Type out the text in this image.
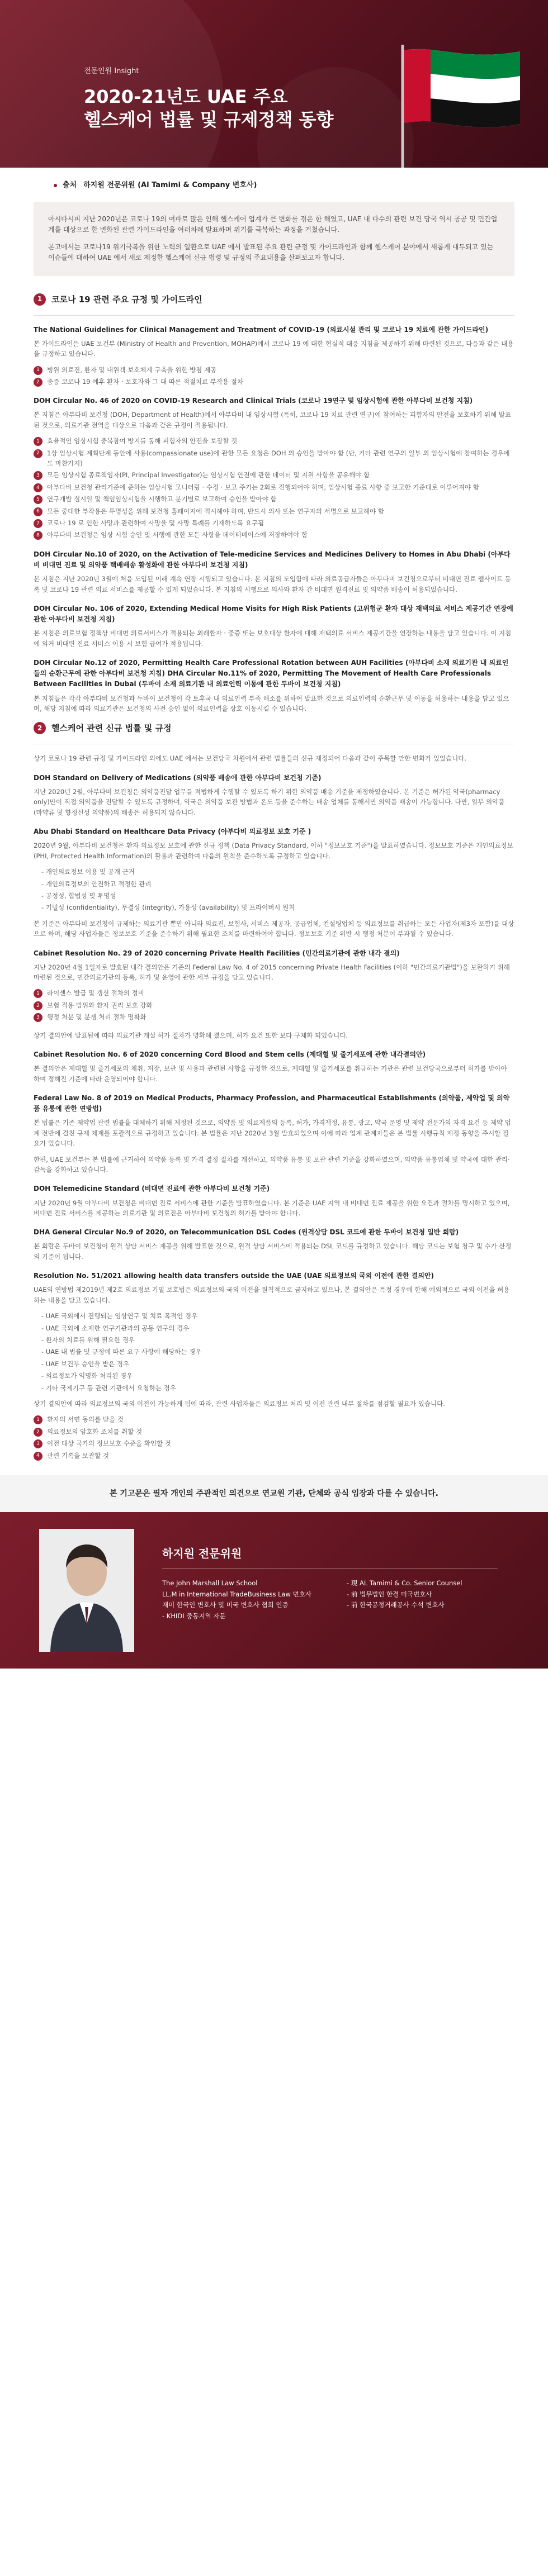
전문인원 Insight
2020-21년도 UAE 주요
헬스케어 법률 및 규제정책 동향
출처 하지원 전문위원 (Al Tamimi & Company 변호사)

아시다시피 지난 2020년은 코로나 19의 여파로 많은 인해 헬스케어 업계가 큰 변화를 겪은 한 해였고, UAE 내 다수의 관련 보건 당국 역시 공공 및 민간업계를 대상으로 한 변화된 관련 가이드라인을 여러차례 발표하며 위기를 극복하는 과정을 거쳤습니다.

본고에서는 코로나19 위기극복을 위한 노력의 일환으로 UAE 에서 발표된 주요 관련 규정 및 가이드라인과 함께 헬스케어 분야에서 새롭게 대두되고 있는 이슈들에 대하여 UAE 에서 새로 제정한 헬스케어 신규 법령 및 규정의 주요내용을 살펴보고자 합니다.

1	코로나 19 관련 주요 규정 및 가이드라인
The National Guidelines for Clinical Management and Treatment of COVID-19 (의료시설 관리 및 코로나 19 치료에 관한 가이드라인)

본 가이드라인은 UAE 보건부 (Ministry of Health and Prevention, MOHAP)에서 코로나 19 에 대한 현실적 대응 지침을 제공하기 위해 마련된 것으로, 다음과 같은 내용을 규정하고 있습니다.

1	병원 의료진, 환자 및 내원객 보호체계 구축을 위한 방침 제공
2	중증 코로나 19 예후 환자 · 보호자와 그 대 따른 적절치료 부작용 절차
DOH Circular No. 46 of 2020 on COVID-19 Research and Clinical Trials (코로나 19연구 및 임상시험에 관한 아부다비 보건청 지침)

본 지침은 아부다비 보건청 (DOH, Department of Health)에서 아부다비 내 임상시험 (특히, 코로나 19 치료 관련 연구)에 참여하는 피험자의 안전을 보호하기 위해 발표된 것으로, 의료기관 전역을 대상으로 다음과 같은 규정이 적용됩니다.

1	효율적인 임상시험 중복참여 방지를 통해 피험자의 안전을 보장할 것
2	1상 임상시험 계획단계 동안에 사용(compassionate use)에 관한 모든 요청은 DOH 의 승인을 받아야 함 (단, 기타 관련 연구의 일부 외 임상시험에 참여하는 경우에도 마찬가지)
3	모든 임상시험 종료책임자(PI, Principal Investigator)는 임상시험 안전에 관한 데이터 및 지원 사항을 공유해야 함
4	아부다비 보건청 관리기준에 준하는 임상시험 모니터링 · 수정 · 보고 주기는 2회로 진행되어야 하며, 임상시험 종료 사항 중 보고한 기준대로 이루어져야 함
5	연구개발 실시일 및 책임임상시험을 시행하고 분기별로 보고하여 승인을 받아야 함
6	모든 중대한 부작용은 투명성을 위해 보건청 홈페이지에 적시해야 하며, 반드시 의사 또는 연구자의 서명으로 보고해야 함
7	코로나 19 로 인한 사망과 관련하여 사망율 및 사망 특례를 기재하도록 요구됨
8	아부다비 보건청은 임상 시험 승인 및 시행에 관한 모든 사항을 데이터베이스에 저장하여야 함
DOH Circular No.10 of 2020, on the Activation of Tele-medicine Services and Medicines Delivery to Homes in Abu Dhabi (아부다비 비대면 진료 및 의약품 택배배송 활성화에 관한 아부다비 보건청 지침)

본 지침은 지난 2020년 3월에 처음 도입된 이래 계속 연장 시행되고 있습니다. 본 지침의 도입함에 따라 의료공급자들은 아부다비 보건청으로부터 비대면 진료 웹사이트 등록 및 코로나 19 관련 의료 서비스를 제공할 수 있게 되었습니다. 본 지침의 시행으로 의사와 환자 간 비대면 원격진료 및 의약품 배송이 허용되었습니다.

DOH Circular No. 106 of 2020, Extending Medical Home Visits for High Risk Patients (고위험군 환자 대상 재택의료 서비스 제공기간 연장에 관한 아부다비 보건청 지침)

본 지침은 의료보험 정책상 비대면 의료서비스가 적용되는 외래환자 · 중증 또는 보호대상 환자에 대해 재택의료 서비스 제공기간을 연장하는 내용을 담고 있습니다. 이 지침에 의거 비대면 진료 서비스 이용 시 보험 급여가 적용됩니다.

DOH Circular No.12 of 2020, Permitting Health Care Professional Rotation between AUH Facilities (아부다비 소재 의료기관 내 의료인들의 순환근무에 관한 아부다비 보건청 지침) DHA Circular No.11% of 2020, Permitting The Movement of Health Care Professionals Between Facilities in Dubai (두바이 소재 의료기관 내 의료인력 이동에 관한 두바이 보건청 지침)

본 지침들은 각각 아부다비 보건청과 두바이 보건청이 각 토후국 내 의료인력 부족 해소를 위하여 발표한 것으로 의료인력의 순환근무 및 이동을 허용하는 내용을 담고 있으며, 해당 지침에 따라 의료기관은 보건청의 사전 승인 없이 의료인력을 상호 이동시킬 수 있습니다.

2	헬스케어 관련 신규 법률 및 규정

상기 코로나 19 관련 규정 및 가이드라인 외에도 UAE 에서는 보건당국 차원에서 관련 법률들의 신규 제정되어 다음과 같이 주목할 만한 변화가 있었습니다.

DOH Standard on Delivery of Medications (의약품 배송에 관한 아부다비 보건청 기준)

지난 2020년 2월, 아부다비 보건청은 의약품전달 업무를 적법하게 수행할 수 있도록 하기 위한 의약품 배송 기준을 제정하였습니다. 본 기준은 허가된 약국(pharmacy only)만이 직접 의약품을 전달할 수 있도록 규정하며, 약국은 의약품 보관 방법과 온도 등을 준수하는 배송 업체를 통해서만 의약품 배송이 가능합니다. 다만, 일부 의약품 (마약류 및 향정신성 의약품)의 배송은 허용되지 않습니다.

Abu Dhabi Standard on Healthcare Data Privacy (아부다비 의료정보 보호 기준 )

2020년 9월, 아부다비 보건청은 환자 의료정보 보호에 관한 신규 정책 (Data Privacy Standard, 이하 "정보보호 기준")을 발표하였습니다. 정보보호 기준은 개인의료정보 (PHI, Protected Health Information)의 활용과 관련하여 다음의 원칙을 준수하도록 규정하고 있습니다.

- 개인의료정보 이용 및 공개 근거
- 개인의료정보의 안전하고 적정한 관리
- 공정성, 합법성 및 투명성
- 기밀성 (confidentiality), 무결성 (integrity), 가용성 (availability) 및 프라이버시 원칙

본 기준은 아부다비 보건청이 규제하는 의료기관 뿐만 아니라 의료진, 보험사, 서비스 제공자, 공급업체, 컨설팅업체 등 의료정보를 취급하는 모든 사업자(제3자 포함)를 대상으로 하며, 해당 사업자들은 정보보호 기준을 준수하기 위해 필요한 조치를 마련하여야 합니다. 정보보호 기준 위반 시 행정 처분이 부과될 수 있습니다.

Cabinet Resolution No. 29 of 2020 concerning Private Health Facilities (민간의료기관에 관한 내각 결의)

지난 2020년 4월 1일자로 발효된 내각 결의안은 기존의 Federal Law No. 4 of 2015 concerning Private Health Facilities (이하 "민간의료기관법")을 보완하기 위해 마련된 것으로, 민간의료기관의 등록, 허가 및 운영에 관한 세부 규정을 담고 있습니다.

1	라이센스 발급 및 갱신 절차의 정비
2	보험 적용 범위와 환자 권리 보호 강화
3	행정 처분 및 분쟁 처리 절차 명확화

상기 결의안에 발표됨에 따라 의료기관 개설 허가 절차가 명확해 졌으며, 허가 요건 또한 보다 구체화 되었습니다.

Cabinet Resolution No. 6 of 2020 concerning Cord Blood and Stem cells (제대혈 및 줄기세포에 관한 내각결의안)

본 결의안은 제대혈 및 줄기세포의 채취, 저장, 보관 및 사용과 관련된 사항을 규정한 것으로, 제대혈 및 줄기세포를 취급하는 기관은 관련 보건당국으로부터 허가를 받아야 하며 정해진 기준에 따라 운영되어야 합니다.

Federal Law No. 8 of 2019 on Medical Products, Pharmacy Profession, and Pharmaceutical Establishments (의약품, 제약업 및 의약품 유통에 관한 연방법)

본 법률은 기존 제약업 관련 법률을 대체하기 위해 제정된 것으로, 의약품 및 의료제품의 등록, 허가, 가격책정, 유통, 광고, 약국 운영 및 제약 전문가의 자격 요건 등 제약 업계 전반에 걸친 규제 체계를 포괄적으로 규정하고 있습니다. 본 법률은 지난 2020년 3월 발효되었으며 이에 따라 업계 관계자들은 본 법률 시행규칙 제정 동향을 주시할 필요가 있습니다.

한편, UAE 보건부는 본 법률에 근거하여 의약품 등록 및 가격 결정 절차를 개선하고, 의약품 유통 및 보관 관련 기준을 강화하였으며, 의약품 유통업체 및 약국에 대한 관리·감독을 강화하고 있습니다.

DOH Telemedicine Standard (비대면 진료에 관한 아부다비 보건청 기준)

지난 2020년 9월 아부다비 보건청은 비대면 진료 서비스에 관한 기준을 발표하였습니다. 본 기준은 UAE 지역 내 비대면 진료 제공을 위한 요건과 절차를 명시하고 있으며, 비대면 진료 서비스를 제공하는 의료기관 및 의료진은 아부다비 보건청의 허가를 받아야 합니다.

DHA General Circular No.9 of 2020, on Telecommunication DSL Codes (원격상담 DSL 코드에 관한 두바이 보건청 일반 회람)

본 회람은 두바이 보건청이 원격 상담 서비스 제공을 위해 발표한 것으로, 원격 상담 서비스에 적용되는 DSL 코드를 규정하고 있습니다. 해당 코드는 보험 청구 및 수가 산정의 기준이 됩니다.

Resolution No. 51/2021 allowing health data transfers outside the UAE (UAE 의료정보의 국외 이전에 관한 결의안)

UAE의 연방법 제2019년 제2호 의료정보 기밀 보호법은 의료정보의 국외 이전을 원칙적으로 금지하고 있으나, 본 결의안은 특정 경우에 한해 예외적으로 국외 이전을 허용하는 내용을 담고 있습니다.

- UAE 국외에서 진행되는 임상연구 및 치료 목적인 경우
- UAE 국외에 소재한 연구기관과의 공동 연구의 경우
- 환자의 치료를 위해 필요한 경우
- UAE 내 법률 및 규정에 따른 요구 사항에 해당하는 경우
- UAE 보건부 승인을 받은 경우
- 의료정보가 익명화 처리된 경우
- 기타 국제기구 등 관련 기관에서 요청하는 경우

상기 결의안에 따라 의료정보의 국외 이전이 가능하게 됨에 따라, 관련 사업자들은 의료정보 처리 및 이전 관련 내부 절차를 점검할 필요가 있습니다.

1	환자의 서면 동의를 받을 것
2	의료정보의 암호화 조치를 취할 것
3	이전 대상 국가의 정보보호 수준을 확인할 것
4	관련 기록을 보관할 것
본 기고문은 필자 개인의 주관적인 의견으로 연교원 기관, 단체와 공식 입장과 다를 수 있습니다.
하지원 전문위원
The John Marshall Law School
LL.M in International TradeBusiness Law 변호사
재미 한국인 변호사 및 미국 변호사 협회 인증
- KHIDI 중동지역 자문
- 現 AL Tamimi & Co. Senior Counsel
- 前 법무법인 한결 미국변호사
- 前 한국공정거래공사 수석 변호사
